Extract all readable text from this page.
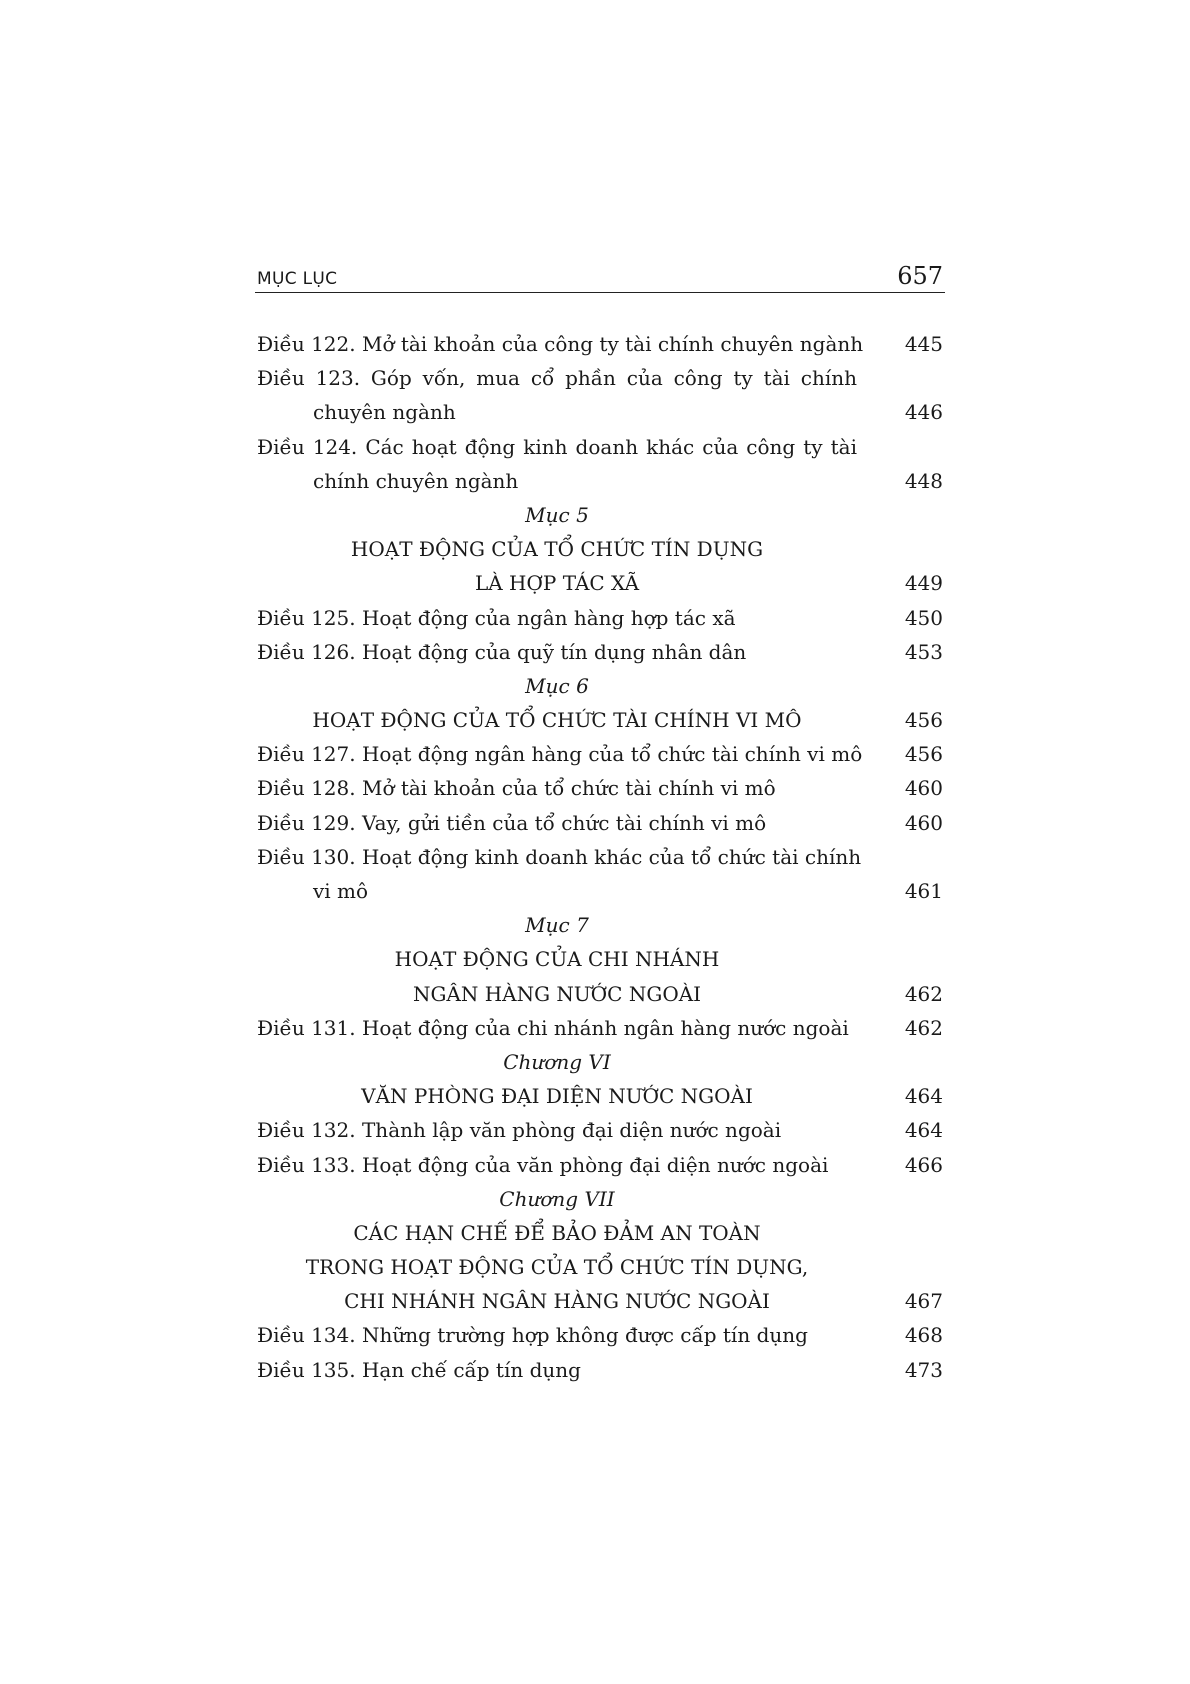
MỤC LỤC	657
Điều 122. Mở tài khoản của công ty tài chính chuyên ngành 445
Điều 123. Góp vốn, mua cổ phần của công ty tài chính
chuyên ngành	446
Điều 124. Các hoạt động kinh doanh khác của công ty tài
chính chuyên ngành	448
Mục 5
HOẠT ĐỘNG CỦA TỔ CHỨC TÍN DỤNG
LÀ HỢP TÁC XÃ	449
Điều 125. Hoạt động của ngân hàng hợp tác xã	450
Điều 126. Hoạt động của quỹ tín dụng nhân dân	453
Mục 6
HOẠT ĐỘNG CỦA TỔ CHỨC TÀI CHÍNH VI MÔ	456
Điều 127. Hoạt động ngân hàng của tổ chức tài chính vi mô 456
Điều 128. Mở tài khoản của tổ chức tài chính vi mô	460
Điều 129. Vay, gửi tiền của tổ chức tài chính vi mô	460
Điều 130. Hoạt động kinh doanh khác của tổ chức tài chính
vi mô	461
Mục 7
HOẠT ĐỘNG CỦA CHI NHÁNH
NGÂN HÀNG NƯỚC NGOÀI	462
Điều 131. Hoạt động của chi nhánh ngân hàng nước ngoài	462
Chương VI
VĂN PHÒNG ĐẠI DIỆN NƯỚC NGOÀI	464
Điều 132. Thành lập văn phòng đại diện nước ngoài	464
Điều 133. Hoạt động của văn phòng đại diện nước ngoài	466
Chương VII
CÁC HẠN CHẾ ĐỂ BẢO ĐẢM AN TOÀN
TRONG HOẠT ĐỘNG CỦA TỔ CHỨC TÍN DỤNG,
CHI NHÁNH NGÂN HÀNG NƯỚC NGOÀI	467
Điều 134. Những trường hợp không được cấp tín dụng	468
Điều 135. Hạn chế cấp tín dụng	473
